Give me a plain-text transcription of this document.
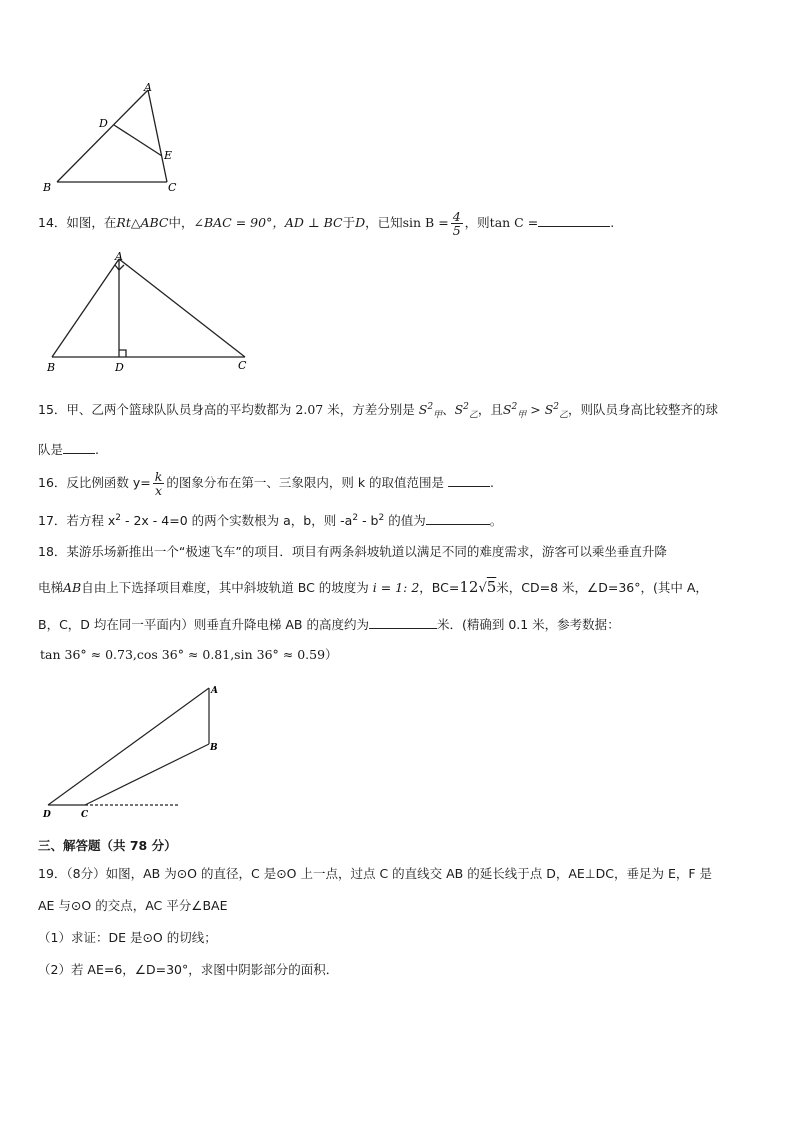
A
D
E
B	C
14．如图，在Rt△ABC中，∠BAC = 90°，AD ⊥ BC于D，已知$\sin B = \frac{4}{5}$ ，则tan C =	.
A
B	D	C
15．甲、乙两个篮球队队员身高的平均数都为 2.07 米，方差分别是 $S^2_甲$、$S^2_乙$，且$S^2_甲 > S^2_乙$，则队员身高比较整齐的球
队是	.
16．反比例函数 $y= \frac{k}{x}$ 的图象分布在第一、三象限内，则 k 的取值范围是	.
17．若方程 $x^2 - 2x - 4=0$ 的两个实数根为 a，b，则 $-a^2 - b^2$ 的值为	。
18．某游乐场新推出一个“极速飞车”的项目．项目有两条斜坡轨道以满足不同的难度需求，游客可以乘坐垂直升降
电梯AB自由上下选择项目难度，其中斜坡轨道 BC 的坡度为 i = 1: 2，BC=12√5米，CD=8 米，∠D=36°，(其中 A，
B，C，D 均在同一平面内）则垂直升降电梯 AB 的高度约为	米．(精确到 0.1 米，参考数据：
tan 36° ≈ 0.73,cos 36° ≈ 0.81,sin 36° ≈ 0.59）
A
B
D	C
三、解答题（共 78 分）
19．（8分）如图，AB 为⊙O 的直径，C 是⊙O 上一点，过点 C 的直线交 AB 的延长线于点 D，AE⊥DC，垂足为 E，F 是
AE 与⊙O 的交点，AC 平分∠BAE
（1）求证：DE 是⊙O 的切线；
（2）若 AE=6，∠D=30°，求图中阴影部分的面积．
